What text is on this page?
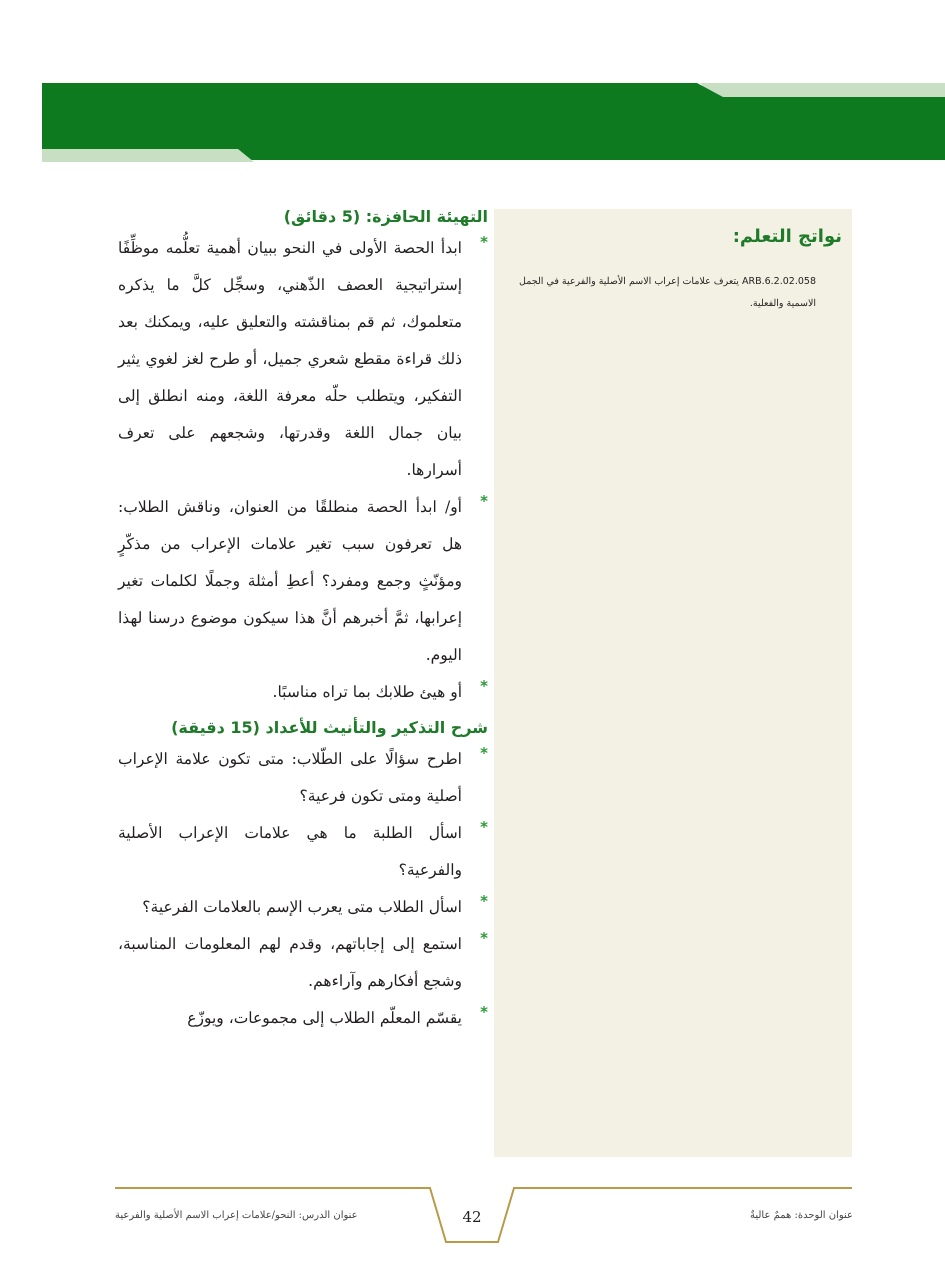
نواتج التعلم:
ARB.6.2.02.058 يتعرف علامات إعراب الاسم الأصلية والفرعية في الجمل الاسمية والفعلية.
التهيئة الحافزة: (5 دقائق)
*
ابدأ الحصة الأولى في النحو ببيان أهمية تعلُّمه موظِّفًا إستراتيجية العصف الذّهني، وسجِّل كلَّ ما يذكره متعلموك، ثم قم بمناقشته والتعليق عليه، ويمكنك بعد ذلك قراءة مقطع شعري جميل، أو طرح لغز لغوي يثير التفكير، ويتطلب حلّه معرفة اللغة، ومنه انطلق إلى بيان جمال اللغة وقدرتها، وشجعهم على تعرف أسرارها.
*
أو/ ابدأ الحصة منطلقًا من العنوان، وناقش الطلاب: هل تعرفون سبب تغير علامات الإعراب من مذكّرٍ ومؤنّثٍ وجمع ومفرد؟ أعطِ أمثلة وجملًا لكلمات تغير إعرابها، ثمَّ أخبرهم أنَّ هذا سيكون موضوع درسنا لهذا اليوم.
*
أو هيئ طلابك بما تراه مناسبًا.
شرح التذكير والتأنيث للأعداد (15 دقيقة)
*
اطرح سؤالًا على الطّلاب: متى تكون علامة الإعراب أصلية ومتى تكون فرعية؟
*
اسأل الطلبة ما هي علامات الإعراب الأصلية والفرعية؟
*
اسأل الطلاب متى يعرب الإسم بالعلامات الفرعية؟
*
استمع إلى إجاباتهم، وقدم لهم المعلومات المناسبة، وشجع أفكارهم وآراءهم.
*
يقسّم المعلّم الطلاب إلى مجموعات، ويوزّع
عنوان الوحدة: هممٌ عاليةٌ
42
عنوان الدرس: النحو/علامات إعراب الاسم الأصلية والفرعية
